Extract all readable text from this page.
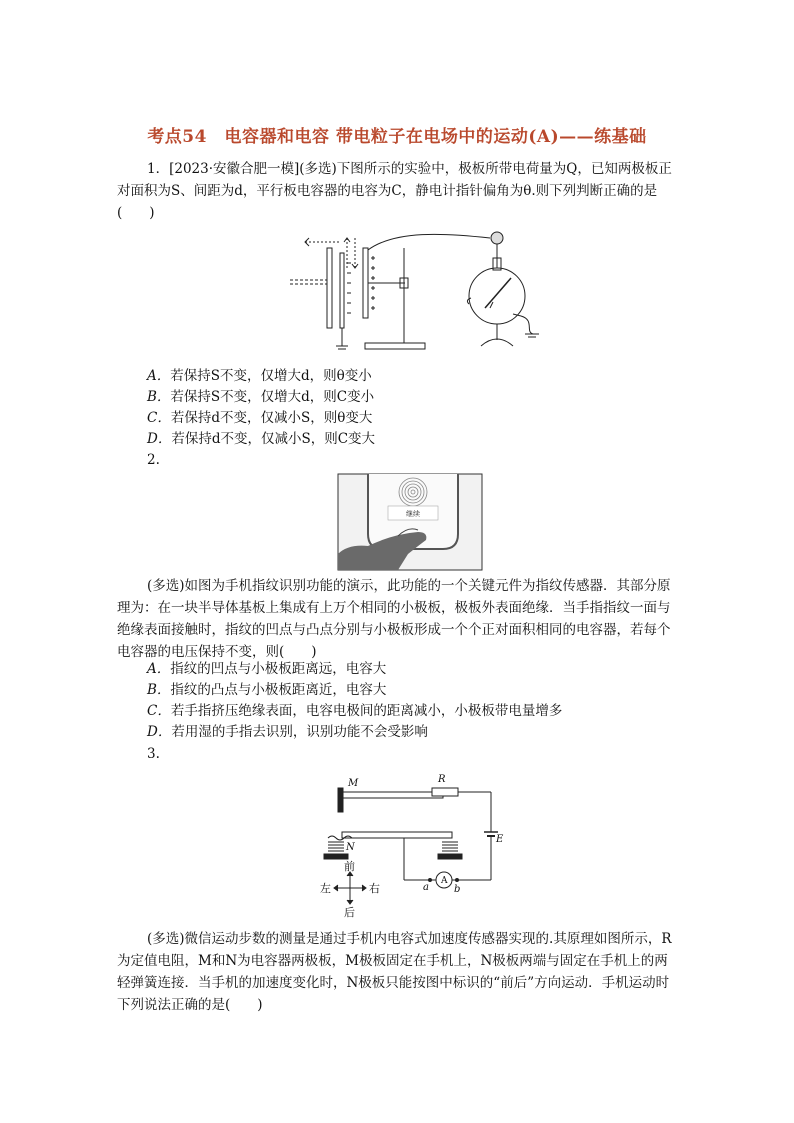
考点54　电容器和电容 带电粒子在电场中的运动(A)——练基础
1．[2023·安徽合肥一模](多选)下图所示的实验中，极板所带电荷量为Q，已知两极板正对面积为S、间距为d，平行板电容器的电容为C，静电计指针偏角为θ.则下列判断正确的是(　　)
A．若保持S不变，仅增大d，则θ变小
B．若保持S不变，仅增大d，则C变小
C．若保持d不变，仅减小S，则θ变大
D．若保持d不变，仅减小S，则C变大
2.
继续
(多选)如图为手机指纹识别功能的演示，此功能的一个关键元件为指纹传感器．其部分原理为：在一块半导体基板上集成有上万个相同的小极板，极板外表面绝缘．当手指指纹一面与绝缘表面接触时，指纹的凹点与凸点分别与小极板形成一个个正对面积相同的电容器，若每个电容器的电压保持不变，则(　　)
A．指纹的凹点与小极板距离远，电容大
B．指纹的凸点与小极板距离近，电容大
C．若手指挤压绝缘表面，电容电极间的距离减小，小极板带电量增多
D．若用湿的手指去识别，识别功能不会受影响
3.
M	R
E
N
a	b
A
前
后
左	右
(多选)微信运动步数的测量是通过手机内电容式加速度传感器实现的.其原理如图所示，R为定值电阻，M和N为电容器两极板，M极板固定在手机上，N极板两端与固定在手机上的两轻弹簧连接．当手机的加速度变化时，N极板只能按图中标识的“前后”方向运动．手机运动时下列说法正确的是(　　)
